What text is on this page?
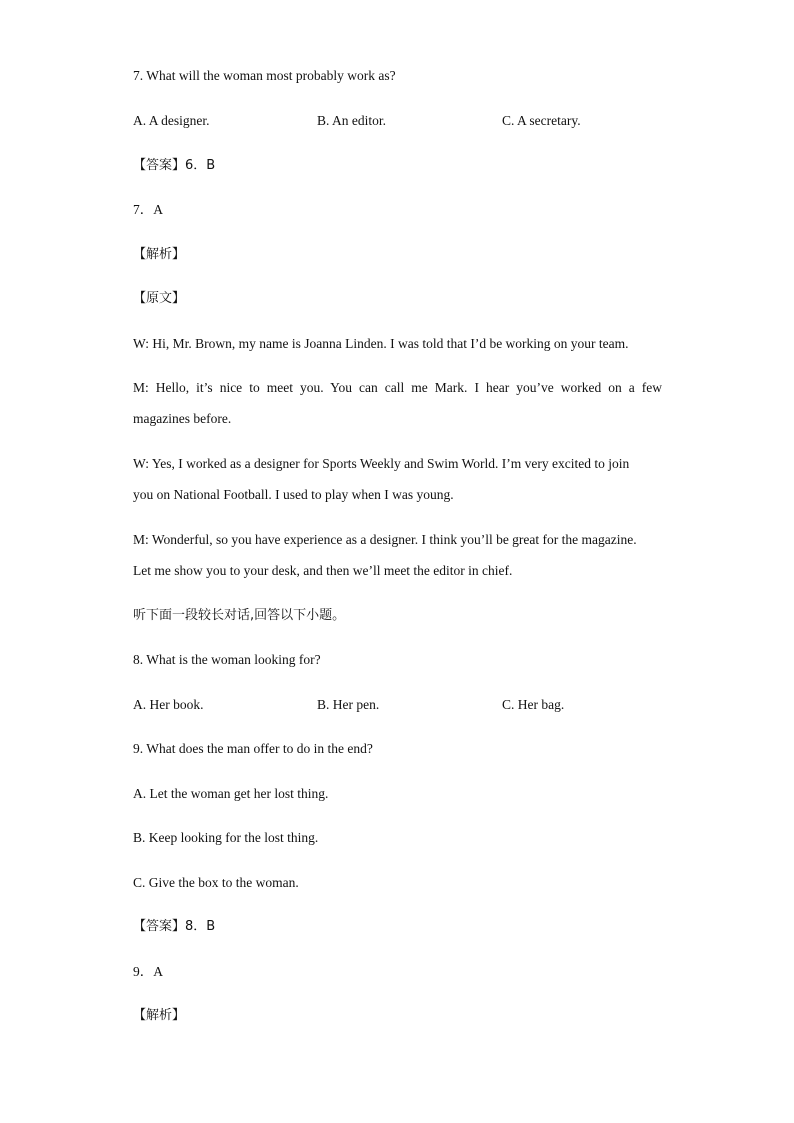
7. What will the woman most probably work as?
A. A designer.	B. An editor.	C. A secretary.
【答案】6．B
7．A
【解析】
【原文】
W: Hi, Mr. Brown, my name is Joanna Linden. I was told that I’d be working on your team.
M: Hello, it’s nice to meet you. You can call me Mark. I hear you’ve worked on a few
magazines before.
W: Yes, I worked as a designer for Sports Weekly and Swim World. I’m very excited to join
you on National Football. I used to play when I was young.
M: Wonderful, so you have experience as a designer. I think you’ll be great for the magazine.
Let me show you to your desk, and then we’ll meet the editor in chief.
听下面一段较长对话,回答以下小题。
8. What is the woman looking for?
A. Her book.	B. Her pen.	C. Her bag.
9. What does the man offer to do in the end?
A. Let the woman get her lost thing.
B. Keep looking for the lost thing.
C. Give the box to the woman.
【答案】8．B
9．A
【解析】
